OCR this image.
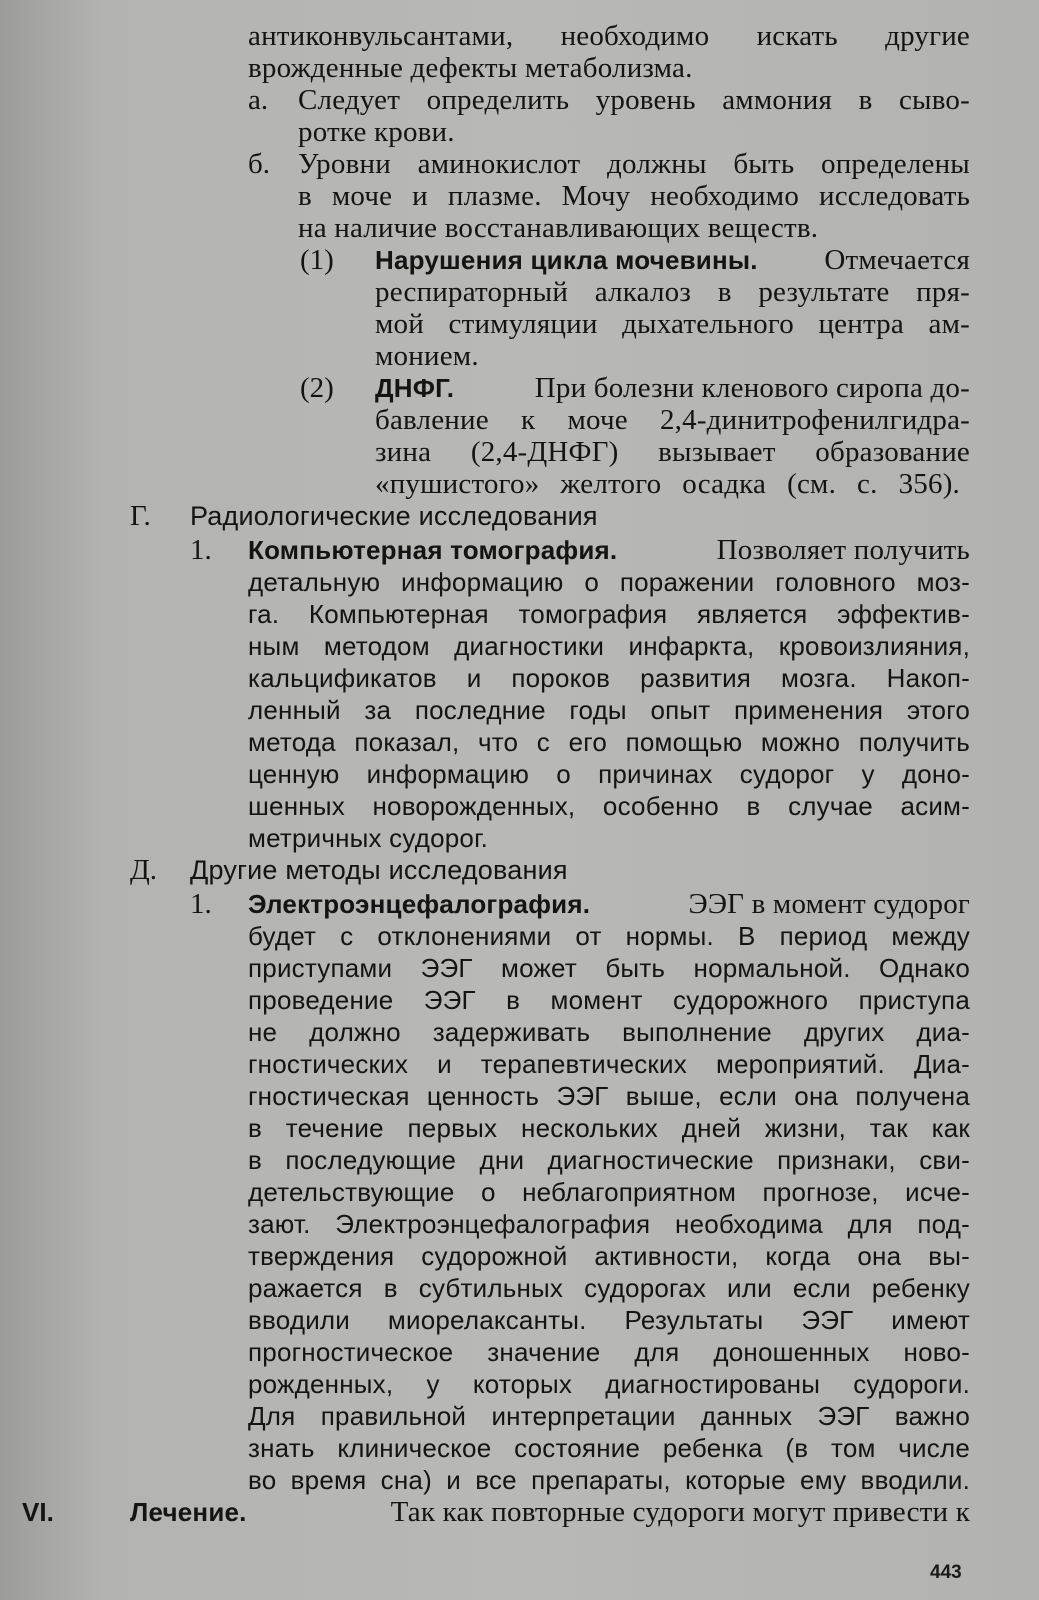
антиконвульсантами, необходимо искать другие
врожденные дефекты метаболизма.
а. Следует определить уровень аммония в сыво-
ротке крови.
б. Уровни аминокислот должны быть определены
в моче и плазме. Мочу необходимо исследовать
на наличие восстанавливающих веществ.
(1) Нарушения цикла мочевины. Отмечается
респираторный алкалоз в результате пря-
мой стимуляции дыхательного центра ам-
монием.
(2) ДНФГ.	При болезни кленового сиропа до-
бавление к моче 2,4-динитрофенилгидра-
зина (2,4-ДНФГ) вызывает образование
«пушистого» желтого осадка (см. с. 356).
Г. Радиологические исследования
1. Компьютерная томография.	Позволяет получить
детальную информацию о поражении головного моз-
га. Компьютерная томография является эффектив-
ным методом диагностики инфаркта, кровоизлияния,
кальцификатов и пороков развития мозга. Накоп-
ленный за последние годы опыт применения этого
метода показал, что с его помощью можно получить
ценную информацию о причинах судорог у доно-
шенных новорожденных, особенно в случае асим-
метричных судорог.
Д. Другие методы исследования
1. Электроэнцефалография.	ЭЭГ в момент судорог
будет с отклонениями от нормы. В период между
приступами ЭЭГ может быть нормальной. Однако
проведение ЭЭГ в момент судорожного приступа
не должно задерживать выполнение других диа-
гностических и терапевтических мероприятий. Диа-
гностическая ценность ЭЭГ выше, если она получена
в течение первых нескольких дней жизни, так как
в последующие дни диагностические признаки, сви-
детельствующие о неблагоприятном прогнозе, исче-
зают. Электроэнцефалография необходима для под-
тверждения судорожной активности, когда она вы-
ражается в субтильных судорогах или если ребенку
вводили миорелаксанты. Результаты ЭЭГ имеют
прогностическое значение для доношенных ново-
рожденных, у которых диагностированы судороги.
Для правильной интерпретации данных ЭЭГ важно
знать клиническое состояние ребенка (в том числе
во время сна) и все препараты, которые ему вводили.
VI.	Лечение.	Так как повторные судороги могут привести к
443
